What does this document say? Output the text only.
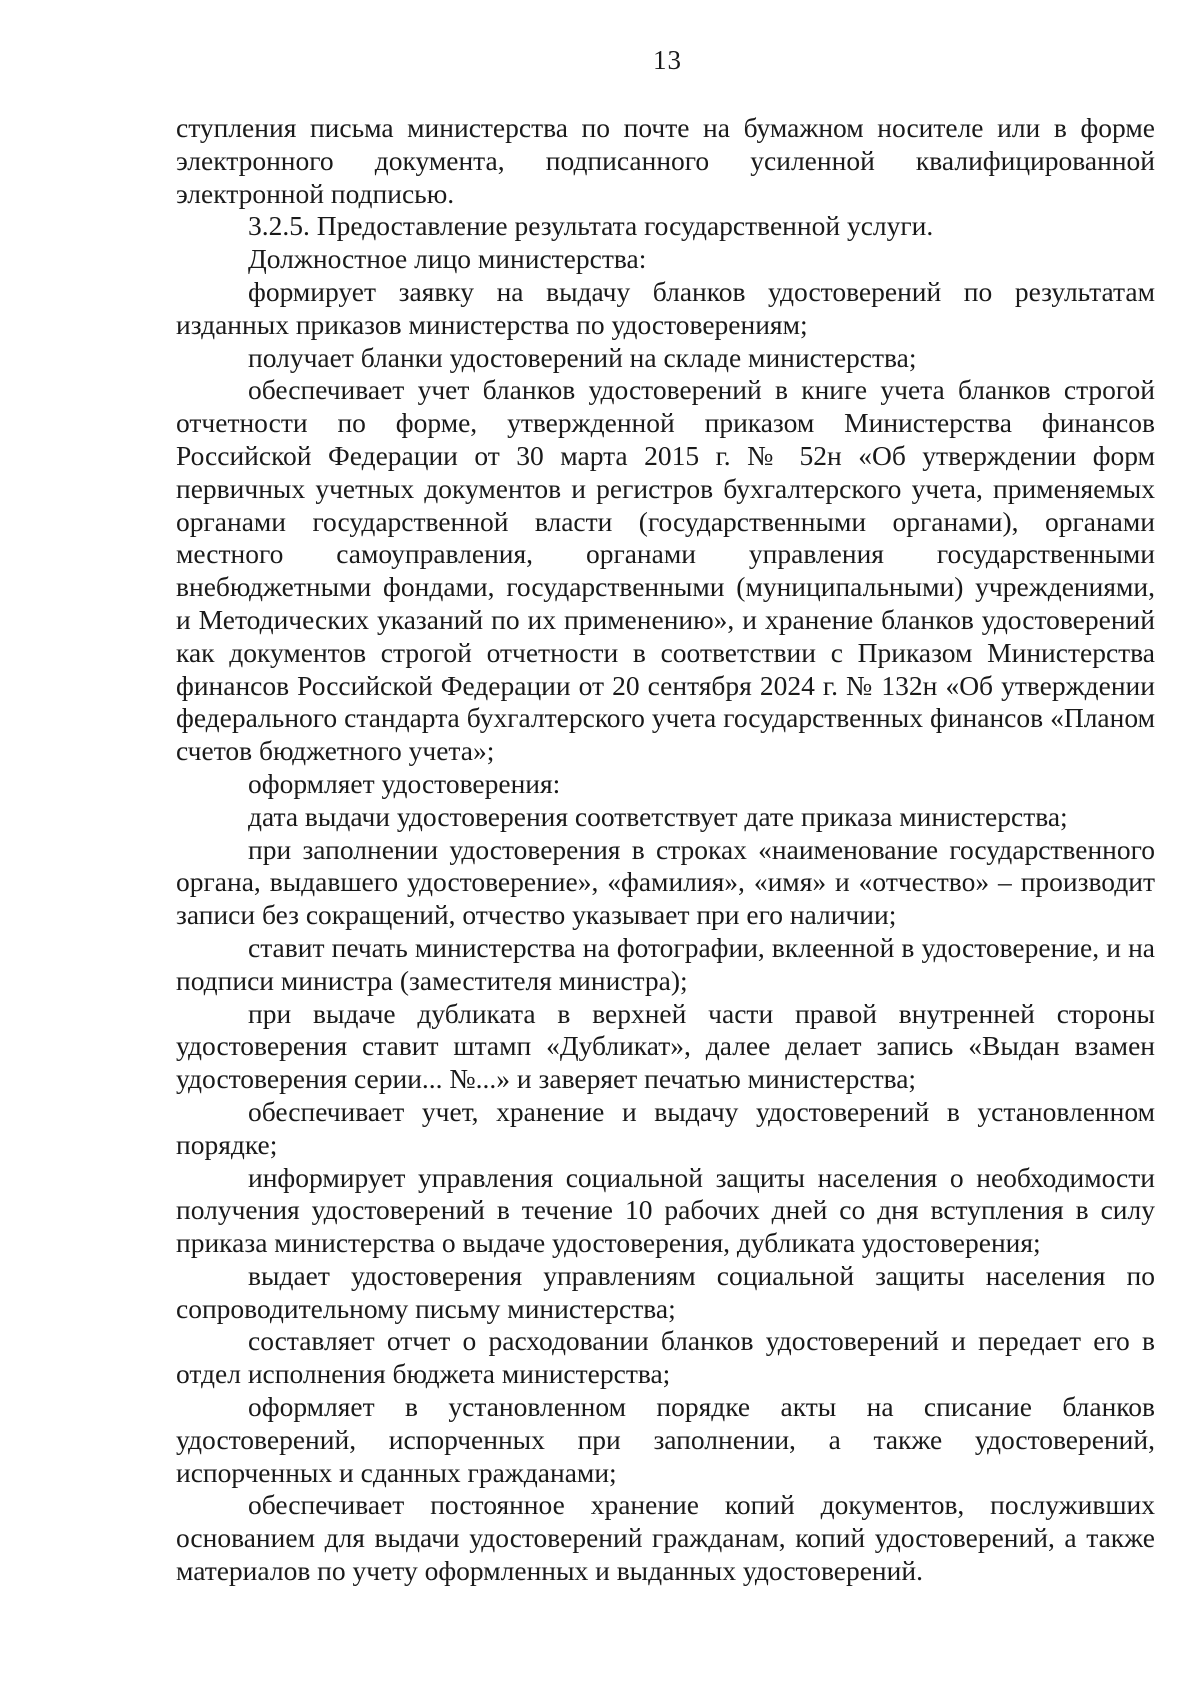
13

ступления письма министерства по почте на бумажном носителе или в форме электронного документа, подписанного усиленной квалифицированной электронной подписью.

3.2.5. Предоставление результата государственной услуги.

Должностное лицо министерства:

формирует заявку на выдачу бланков удостоверений по результатам изданных приказов министерства по удостоверениям;

получает бланки удостоверений на складе министерства;

обеспечивает учет бланков удостоверений в книге учета бланков строгой отчетности по форме, утвержденной приказом Министерства финансов Российской Федерации от 30 марта 2015 г. № 52н «Об утверждении форм первичных учетных документов и регистров бухгалтерского учета, применяемых органами государственной власти (государственными органами), органами местного самоуправления, органами управления государственными внебюджетными фондами, государственными (муниципальными) учреждениями, и Методических указаний по их применению», и хранение бланков удостоверений как документов строгой отчетности в соответствии с Приказом Министерства финансов Российской Федерации от 20 сентября 2024 г. № 132н «Об утверждении федерального стандарта бухгалтерского учета государственных финансов «Планом счетов бюджетного учета»;

оформляет удостоверения:

дата выдачи удостоверения соответствует дате приказа министерства;

при заполнении удостоверения в строках «наименование государственного органа, выдавшего удостоверение», «фамилия», «имя» и «отчество» – производит записи без сокращений, отчество указывает при его наличии;

ставит печать министерства на фотографии, вклеенной в удостоверение, и на подписи министра (заместителя министра);

при выдаче дубликата в верхней части правой внутренней стороны удостоверения ставит штамп «Дубликат», далее делает запись «Выдан взамен удостоверения серии... №...» и заверяет печатью министерства;

обеспечивает учет, хранение и выдачу удостоверений в установленном порядке;

информирует управления социальной защиты населения о необходимости получения удостоверений в течение 10 рабочих дней со дня вступления в силу приказа министерства о выдаче удостоверения, дубликата удостоверения;

выдает удостоверения управлениям социальной защиты населения по сопроводительному письму министерства;

составляет отчет о расходовании бланков удостоверений и передает его в отдел исполнения бюджета министерства;

оформляет в установленном порядке акты на списание бланков удостоверений, испорченных при заполнении, а также удостоверений, испорченных и сданных гражданами;

обеспечивает постоянное хранение копий документов, послуживших основанием для выдачи удостоверений гражданам, копий удостоверений, а также материалов по учету оформленных и выданных удостоверений.
